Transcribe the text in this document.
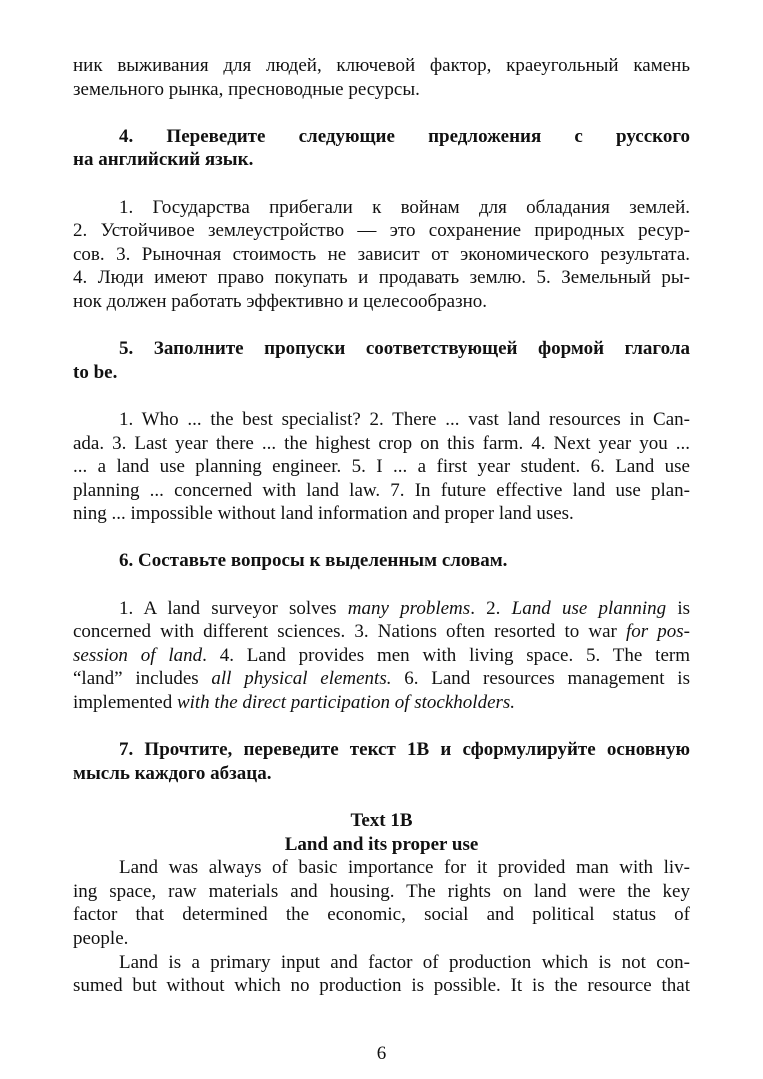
ник выживания для людей, ключевой фактор, краеугольный камень
земельного рынка, пресноводные ресурсы.
4. Переведите следующие предложения с русского
на английский язык.
1. Государства прибегали к войнам для обладания землей.
2. Устойчивое землеустройство — это сохранение природных ресур-
сов. 3. Рыночная стоимость не зависит от экономического результата.
4. Люди имеют право покупать и продавать землю. 5. Земельный ры-
нок должен работать эффективно и целесообразно.
5. Заполните пропуски соответствующей формой глагола
to be.
1. Who ... the best specialist? 2. There ... vast land resources in Can-
ada. 3. Last year there ... the highest crop on this farm. 4. Next year you ...
... a land use planning engineer. 5. I ... a first year student. 6. Land use
planning ... concerned with land law. 7. In future effective land use plan-
ning ... impossible without land information and proper land uses.
6. Составьте вопросы к выделенным словам.
1. A land surveyor solves many problems. 2. Land use planning is
concerned with different sciences. 3. Nations often resorted to war for pos-
session of land. 4. Land provides men with living space. 5. The term
“land” includes all physical elements. 6. Land resources management is
implemented with the direct participation of stockholders.
7. Прочтите, переведите текст 1B и сформулируйте основную
мысль каждого абзаца.

Text 1B

Land and its proper use

Land was always of basic importance for it provided man with liv-
ing space, raw materials and housing. The rights on land were the key
factor that determined the economic, social and political status of
people.
Land is a primary input and factor of production which is not con-
sumed but without which no production is possible. It is the resource that
6
